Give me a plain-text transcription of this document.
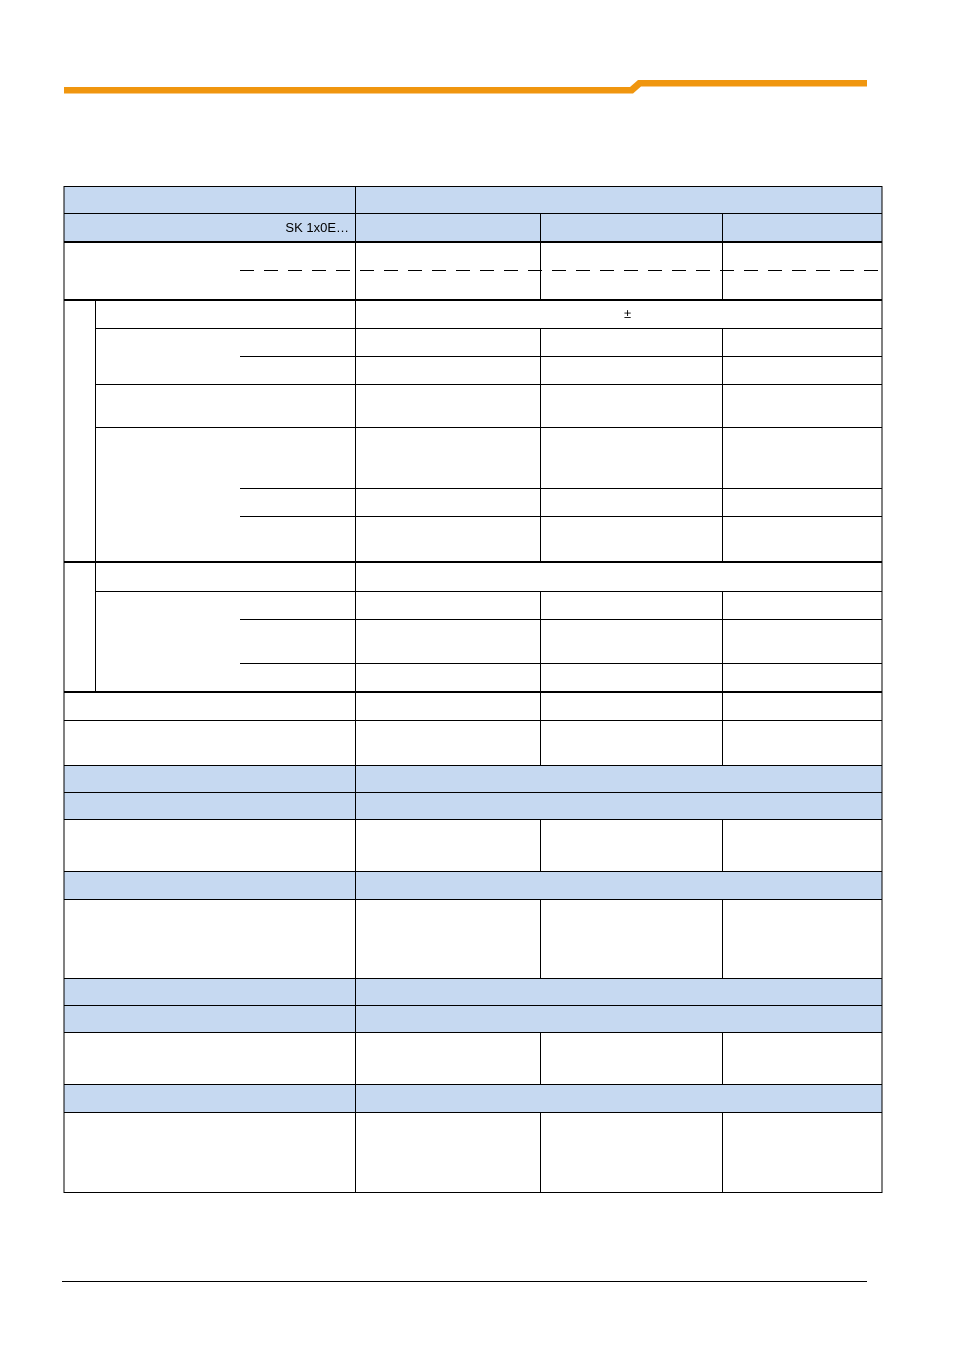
SK 1x0E…
±
